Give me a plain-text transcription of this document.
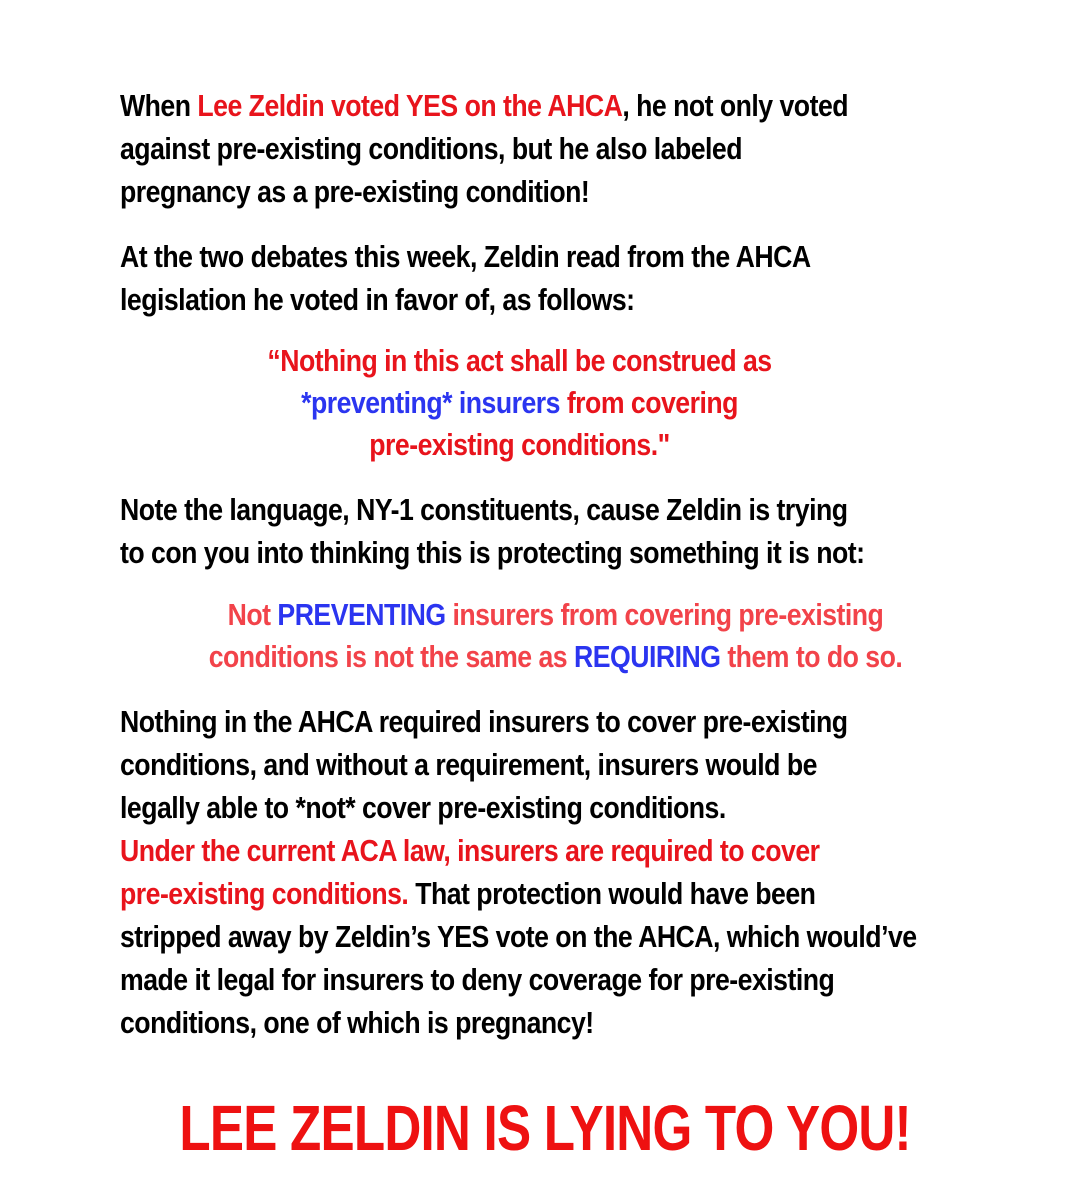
When Lee Zeldin voted YES on the AHCA, he not only voted
against pre-existing conditions, but he also labeled
pregnancy as a pre-existing condition!
At the two debates this week, Zeldin read from the AHCA
legislation he voted in favor of, as follows:
“Nothing in this act shall be construed as
*preventing* insurers from covering
pre-existing conditions."
Note the language, NY-1 constituents, cause Zeldin is trying
to con you into thinking this is protecting something it is not:
Not PREVENTING insurers from covering pre-existing
conditions is not the same as REQUIRING them to do so.
Nothing in the AHCA required insurers to cover pre-existing
conditions, and without a requirement, insurers would be
legally able to *not* cover pre-existing conditions.
Under the current ACA law, insurers are required to cover
pre-existing conditions. That protection would have been
stripped away by Zeldin’s YES vote on the AHCA, which would’ve
made it legal for insurers to deny coverage for pre-existing
conditions, one of which is pregnancy!
LEE ZELDIN IS LYING TO YOU!
